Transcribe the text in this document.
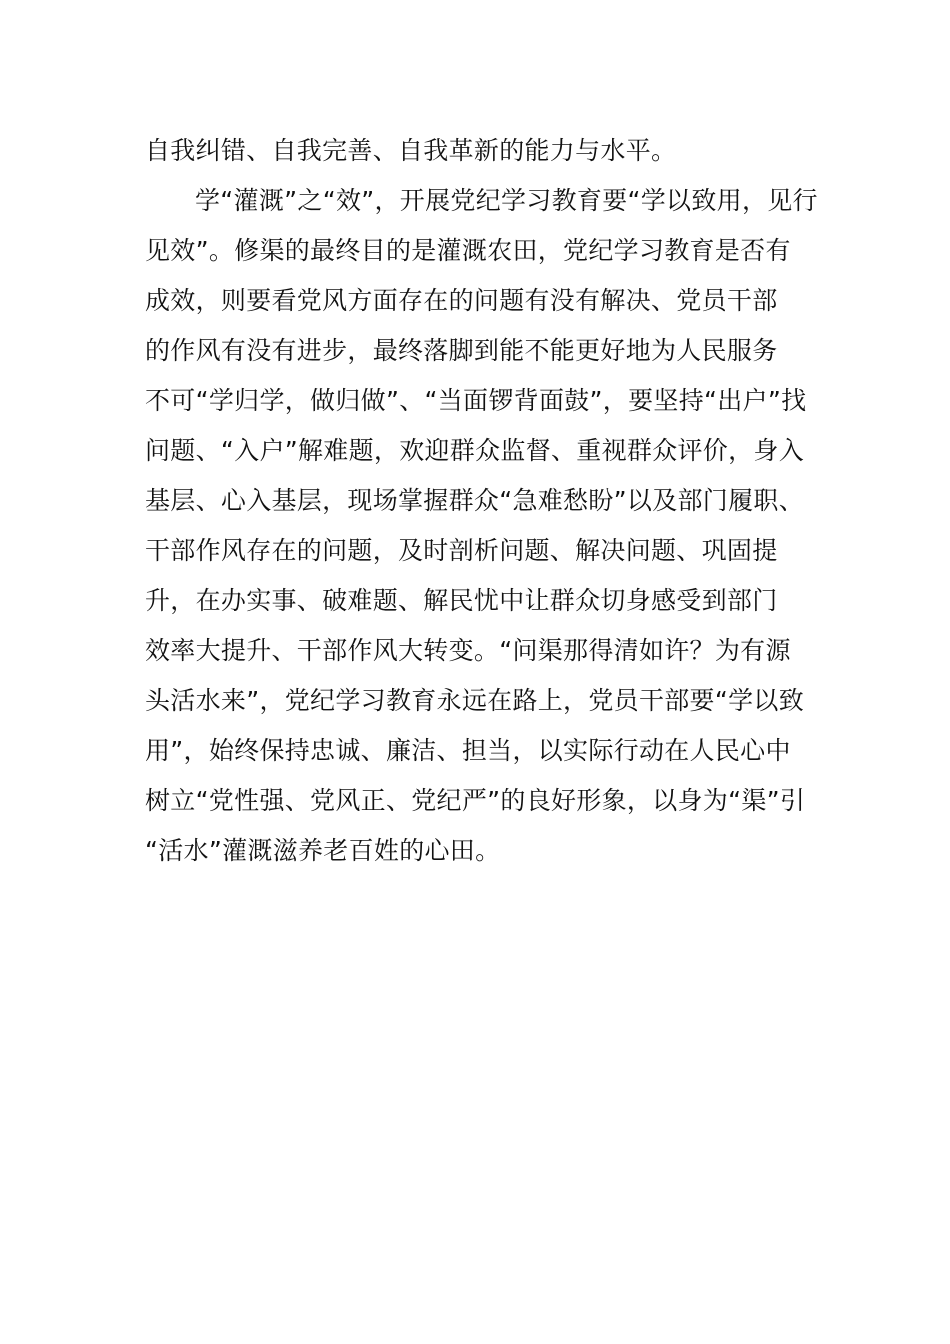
自我纠错、自我完善、自我革新的能力与水平。
学“灌溉”之“效”，开展党纪学习教育要“学以致用，见行
见效”。修渠的最终目的是灌溉农田，党纪学习教育是否有
成效，则要看党风方面存在的问题有没有解决、党员干部
的作风有没有进步，最终落脚到能不能更好地为人民服务
不可“学归学，做归做”、“当面锣背面鼓”，要坚持“出户”找
问题、“入户”解难题，欢迎群众监督、重视群众评价，身入
基层、心入基层，现场掌握群众“急难愁盼”以及部门履职、
干部作风存在的问题，及时剖析问题、解决问题、巩固提
升，在办实事、破难题、解民忧中让群众切身感受到部门
效率大提升、干部作风大转变。“问渠那得清如许？为有源
头活水来”，党纪学习教育永远在路上，党员干部要“学以致
用”，始终保持忠诚、廉洁、担当，以实际行动在人民心中
树立“党性强、党风正、党纪严”的良好形象，以身为“渠”引
“活水”灌溉滋养老百姓的心田。
